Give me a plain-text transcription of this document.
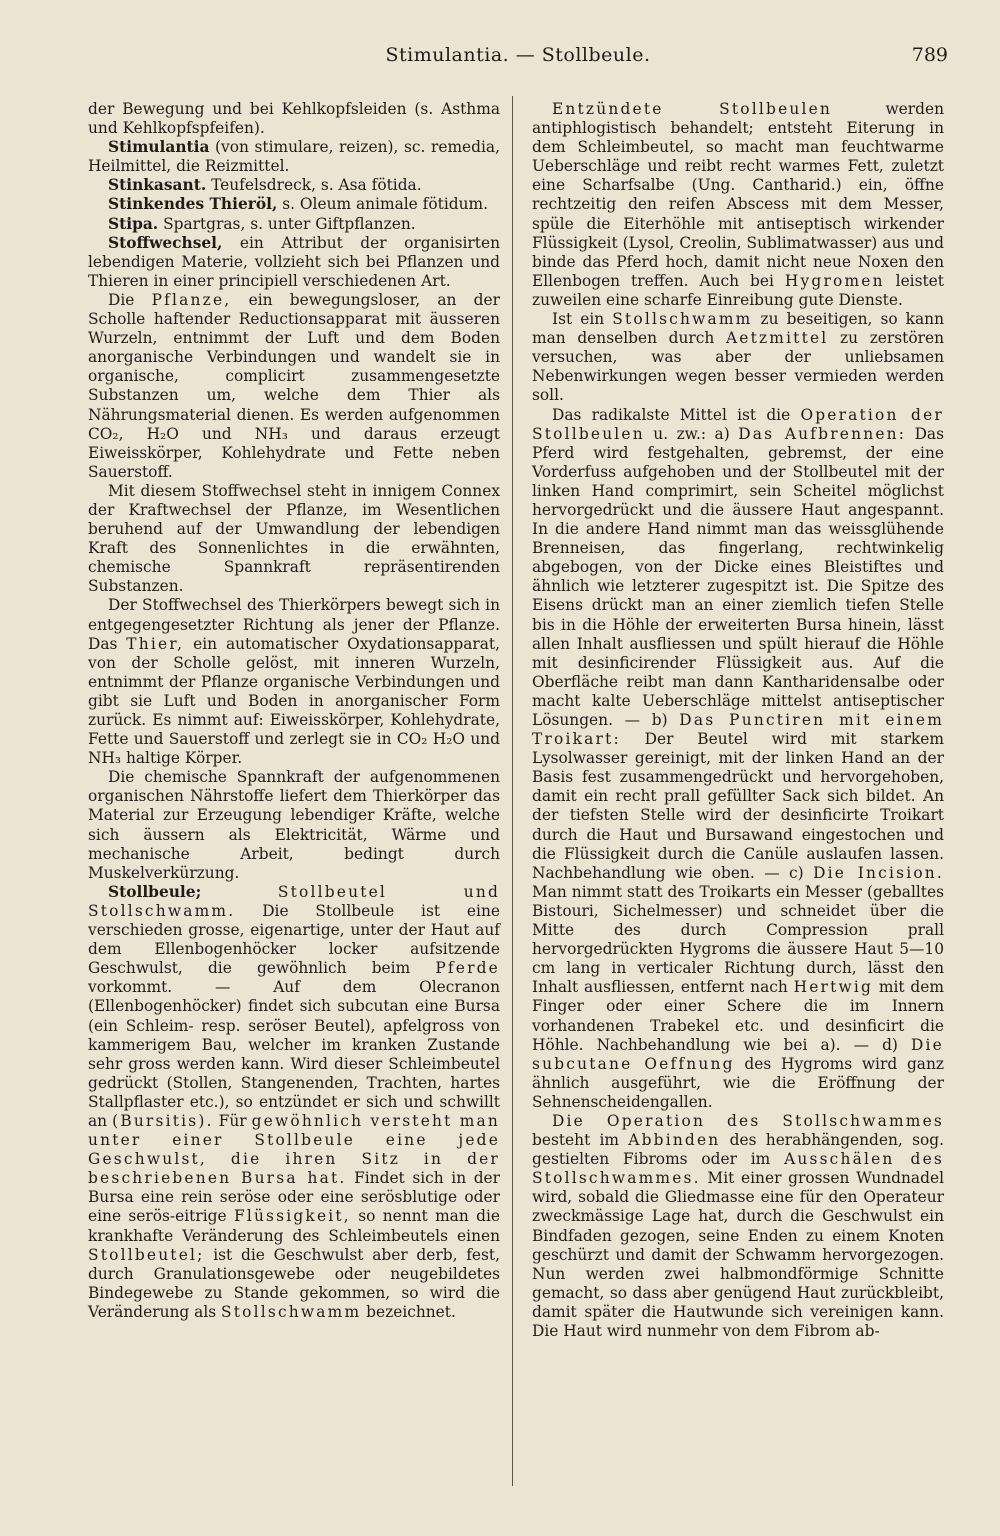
Stimulantia. — Stollbeule.	789

der Bewegung und bei Kehlkopfsleiden (s. Asthma und Kehlkopfspfeifen).

Stimulantia (von stimulare, reizen), sc. remedia, Heilmittel, die Reizmittel.

Stinkasant. Teufelsdreck, s. Asa fötida.

Stinkendes Thieröl, s. Oleum animale fötidum.

Stipa. Spartgras, s. unter Giftpflanzen.

Stoffwechsel, ein Attribut der organisirten lebendigen Materie, vollzieht sich bei Pflanzen und Thieren in einer principiell verschiedenen Art.

Die Pflanze, ein bewegungsloser, an der Scholle haftender Reductionsapparat mit äusseren Wurzeln, entnimmt der Luft und dem Boden anorganische Verbindungen und wandelt sie in organische, complicirt zusammengesetzte Substanzen um, welche dem Thier als Nährungsmaterial dienen. Es werden aufgenommen CO₂, H₂O und NH₃ und daraus erzeugt Eiweisskörper, Kohlehydrate und Fette neben Sauerstoff.

Mit diesem Stoffwechsel steht in innigem Connex der Kraftwechsel der Pflanze, im Wesentlichen beruhend auf der Umwandlung der lebendigen Kraft des Sonnenlichtes in die erwähnten, chemische Spannkraft repräsentirenden Substanzen.

Der Stoffwechsel des Thierkörpers bewegt sich in entgegengesetzter Richtung als jener der Pflanze. Das Thier, ein automatischer Oxydationsapparat, von der Scholle gelöst, mit inneren Wurzeln, entnimmt der Pflanze organische Verbindungen und gibt sie Luft und Boden in anorganischer Form zurück. Es nimmt auf: Eiweisskörper, Kohlehydrate, Fette und Sauerstoff und zerlegt sie in CO₂ H₂O und NH₃ haltige Körper.

Die chemische Spannkraft der aufgenommenen organischen Nährstoffe liefert dem Thierkörper das Material zur Erzeugung lebendiger Kräfte, welche sich äussern als Elektricität, Wärme und mechanische Arbeit, bedingt durch Muskelverkürzung.

Stollbeule; Stollbeutel und Stollschwamm. Die Stollbeule ist eine verschieden grosse, eigenartige, unter der Haut auf dem Ellenbogenhöcker locker aufsitzende Geschwulst, die gewöhnlich beim Pferde vorkommt. — Auf dem Olecranon (Ellenbogenhöcker) findet sich subcutan eine Bursa (ein Schleim- resp. seröser Beutel), apfelgross von kammerigem Bau, welcher im kranken Zustande sehr gross werden kann. Wird dieser Schleimbeutel gedrückt (Stollen, Stangenenden, Trachten, hartes Stallpflaster etc.), so entzündet er sich und schwillt an (Bursitis). Für gewöhnlich versteht man unter einer Stollbeule eine jede Geschwulst, die ihren Sitz in der beschriebenen Bursa hat. Findet sich in der Bursa eine rein seröse oder eine serösblutige oder eine serös-eitrige Flüssigkeit, so nennt man die krankhafte Veränderung des Schleimbeutels einen Stollbeutel; ist die Geschwulst aber derb, fest, durch Granulationsgewebe oder neugebildetes Bindegewebe zu Stande gekommen, so wird die Veränderung als Stollschwamm bezeichnet.

Entzündete Stollbeulen werden antiphlogistisch behandelt; entsteht Eiterung in dem Schleimbeutel, so macht man feuchtwarme Ueberschläge und reibt recht warmes Fett, zuletzt eine Scharfsalbe (Ung. Cantharid.) ein, öffne rechtzeitig den reifen Abscess mit dem Messer, spüle die Eiterhöhle mit antiseptisch wirkender Flüssigkeit (Lysol, Creolin, Sublimatwasser) aus und binde das Pferd hoch, damit nicht neue Noxen den Ellenbogen treffen. Auch bei Hygromen leistet zuweilen eine scharfe Einreibung gute Dienste.

Ist ein Stollschwamm zu beseitigen, so kann man denselben durch Aetzmittel zu zerstören versuchen, was aber der unliebsamen Nebenwirkungen wegen besser vermieden werden soll.

Das radikalste Mittel ist die Operation der Stollbeulen u. zw.: a) Das Aufbrennen: Das Pferd wird festgehalten, gebremst, der eine Vorderfuss aufgehoben und der Stollbeutel mit der linken Hand comprimirt, sein Scheitel möglichst hervorgedrückt und die äussere Haut angespannt. In die andere Hand nimmt man das weissglühende Brenneisen, das fingerlang, rechtwinkelig abgebogen, von der Dicke eines Bleistiftes und ähnlich wie letzterer zugespitzt ist. Die Spitze des Eisens drückt man an einer ziemlich tiefen Stelle bis in die Höhle der erweiterten Bursa hinein, lässt allen Inhalt ausfliessen und spült hierauf die Höhle mit desinficirender Flüssigkeit aus. Auf die Oberfläche reibt man dann Kantharidensalbe oder macht kalte Ueberschläge mittelst antiseptischer Lösungen. — b) Das Punctiren mit einem Troikart: Der Beutel wird mit starkem Lysolwasser gereinigt, mit der linken Hand an der Basis fest zusammengedrückt und hervorgehoben, damit ein recht prall gefüllter Sack sich bildet. An der tiefsten Stelle wird der desinficirte Troikart durch die Haut und Bursawand eingestochen und die Flüssigkeit durch die Canüle auslaufen lassen. Nachbehandlung wie oben. — c) Die Incision. Man nimmt statt des Troikarts ein Messer (geballtes Bistouri, Sichelmesser) und schneidet über die Mitte des durch Compression prall hervorgedrückten Hygroms die äussere Haut 5—10 cm lang in verticaler Richtung durch, lässt den Inhalt ausfliessen, entfernt nach Hertwig mit dem Finger oder einer Schere die im Innern vorhandenen Trabekel etc. und desinficirt die Höhle. Nachbehandlung wie bei a). — d) Die subcutane Oeffnung des Hygroms wird ganz ähnlich ausgeführt, wie die Eröffnung der Sehnenscheidengallen.

Die Operation des Stollschwammes besteht im Abbinden des herabhängenden, sog. gestielten Fibroms oder im Ausschälen des Stollschwammes. Mit einer grossen Wundnadel wird, sobald die Gliedmasse eine für den Operateur zweckmässige Lage hat, durch die Geschwulst ein Bindfaden gezogen, seine Enden zu einem Knoten geschürzt und damit der Schwamm hervorgezogen. Nun werden zwei halbmondförmige Schnitte gemacht, so dass aber genügend Haut zurückbleibt, damit später die Hautwunde sich vereinigen kann. Die Haut wird nunmehr von dem Fibrom ab-
